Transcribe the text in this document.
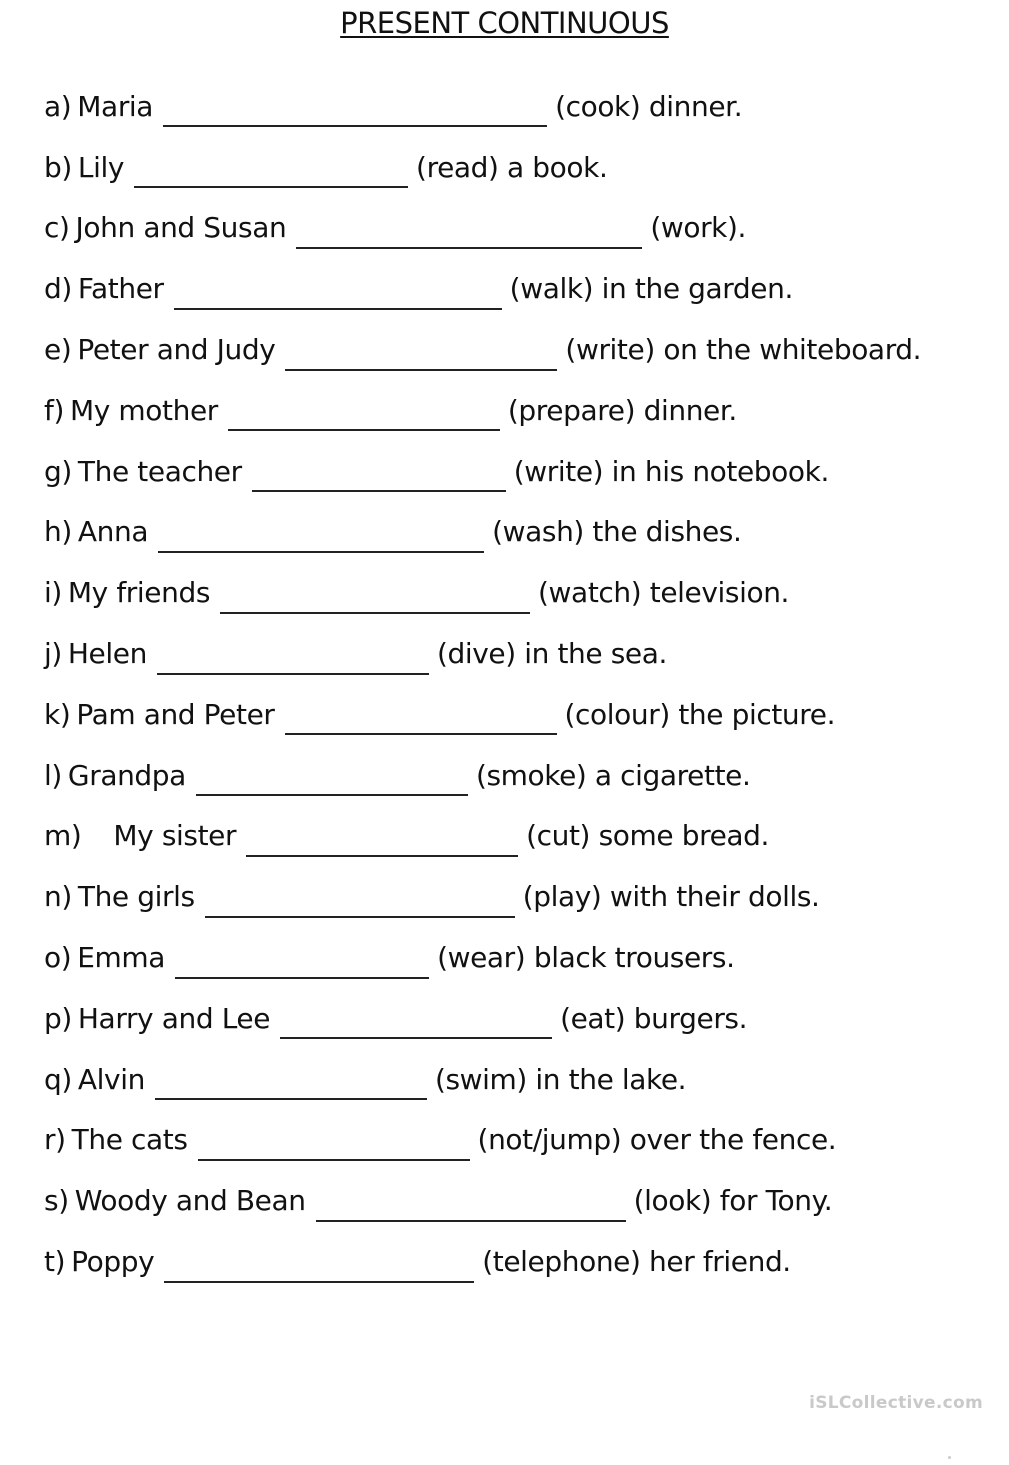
PRESENT CONTINUOUS
a) Maria	(cook) dinner.
b) Lily	(read) a book.
c) John and Susan	(work).
d) Father	(walk) in the garden.
e) Peter and Judy	(write) on the whiteboard.
f) My mother	(prepare) dinner.
g) The teacher	(write) in his notebook.
h) Anna	(wash) the dishes.
i) My friends	(watch) television.
j) Helen	(dive) in the sea.
k) Pam and Peter	(colour) the picture.
l) Grandpa	(smoke) a cigarette.
m) My sister	(cut) some bread.
n) The girls	(play) with their dolls.
o) Emma	(wear) black trousers.
p) Harry and Lee	(eat) burgers.
q) Alvin	(swim) in the lake.
r) The cats	(not/jump) over the fence.
s) Woody and Bean	(look) for Tony.
t) Poppy	(telephone) her friend.
iSLCollective.com
